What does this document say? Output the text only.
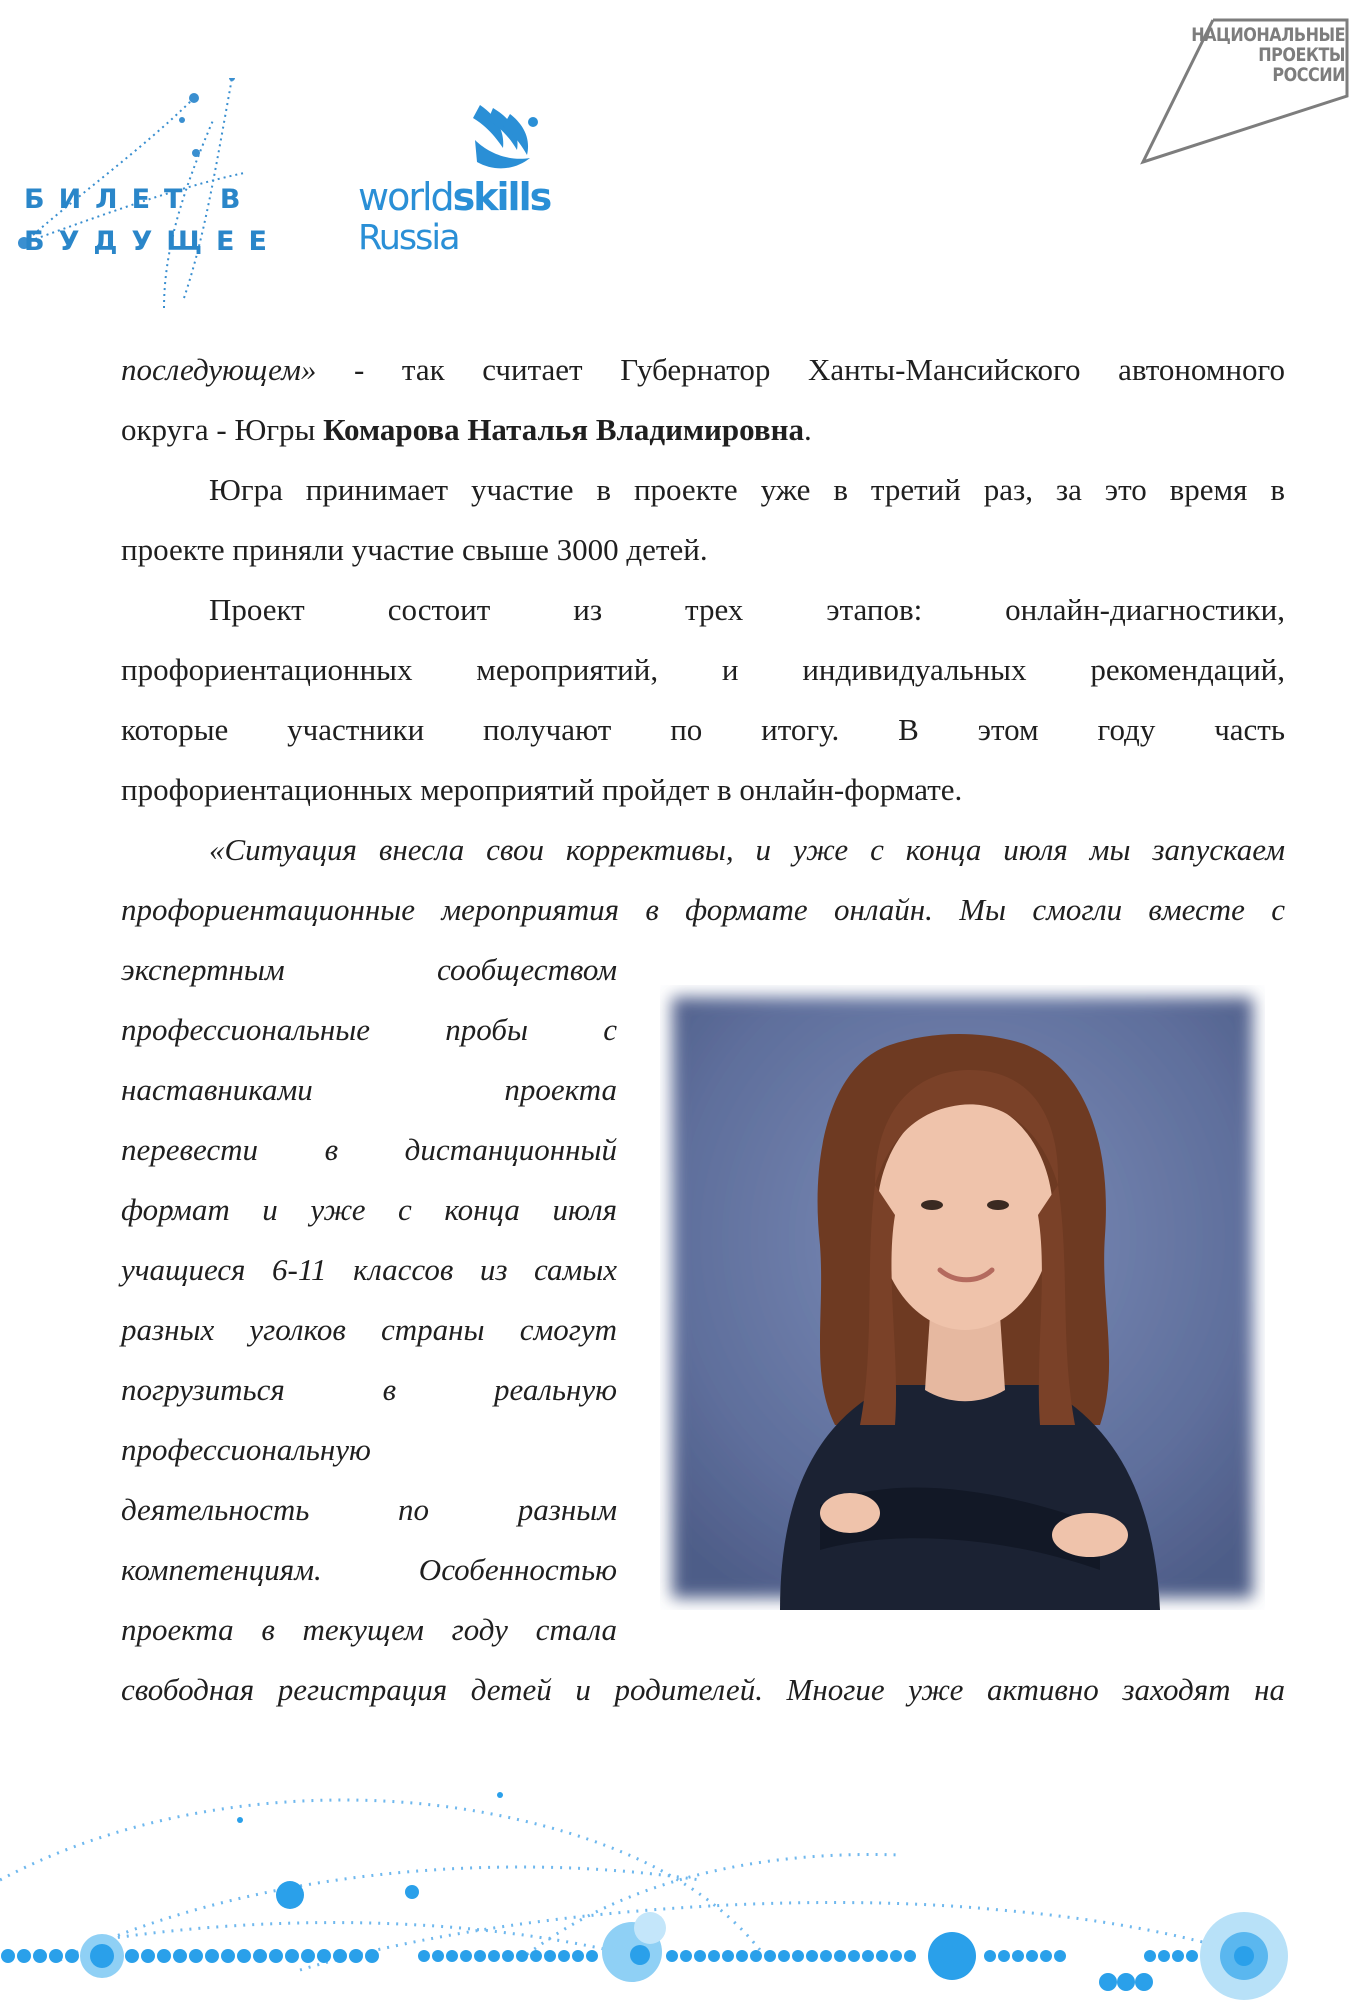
БИЛЕТ В
БУДУЩЕЕ
worldskills
Russia
НАЦИОНАЛЬНЫЕ
ПРОЕКТЫ
РОССИИ
последующем» - так считает Губернатор Ханты-Мансийского автономного
округа - Югры Комарова Наталья Владимировна.
Югра принимает участие в проекте уже в третий раз, за это время в
проекте приняли участие свыше 3000 детей.
Проект состоит из трех этапов: онлайн-диагностики,
профориентационных мероприятий, и индивидуальных рекомендаций,
которые участники получают по итогу. В этом году часть
профориентационных мероприятий пройдет в онлайн-формате.
«Ситуация внесла свои коррективы, и уже с конца июля мы запускаем
профориентационные мероприятия в формате онлайн. Мы смогли вместе с
экспертным сообществом
профессиональные пробы с
наставниками проекта
перевести в дистанционный
формат и уже с конца июля
учащиеся 6-11 классов из самых
разных уголков страны смогут
погрузиться в реальную
профессиональную
деятельность по разным
компетенциям. Особенностью
проекта в текущем году стала
свободная регистрация детей и родителей. Многие уже активно заходят на
